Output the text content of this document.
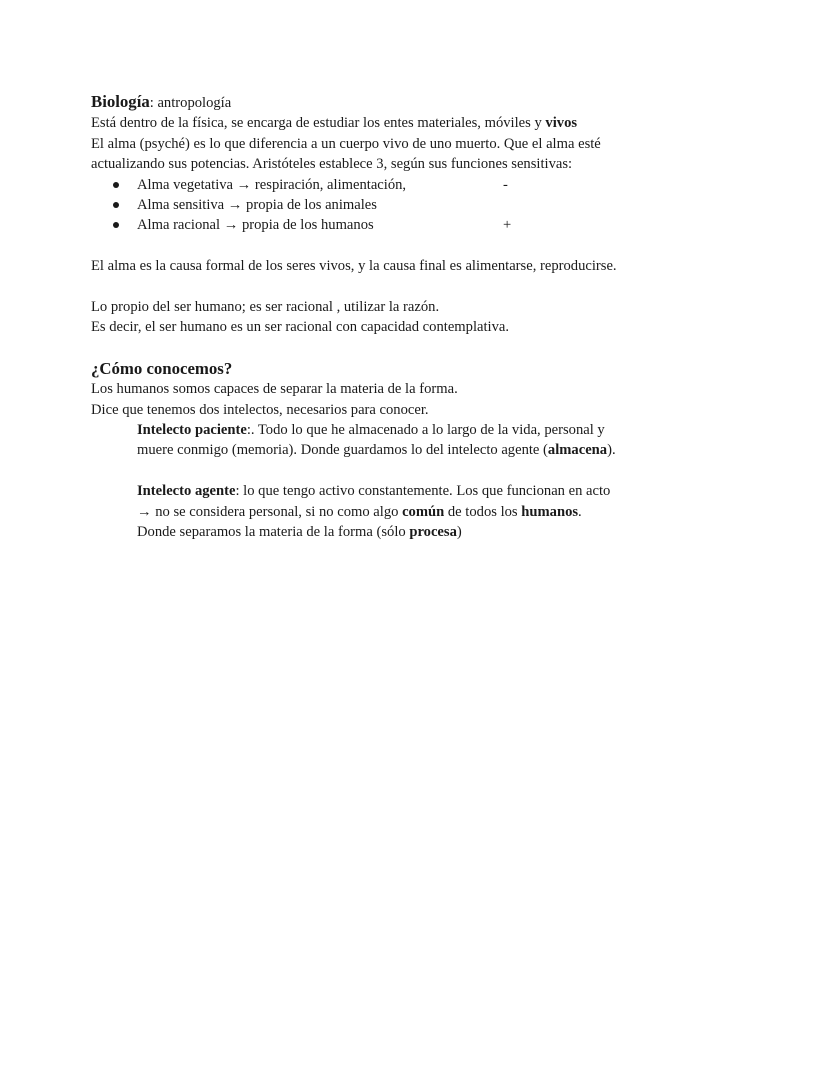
Biología: antropología
Está dentro de la física, se encarga de estudiar los entes materiales, móviles y vivos
El alma (psyché) es lo que diferencia a un cuerpo vivo de uno muerto. Que el alma esté
actualizando sus potencias. Aristóteles establece 3, según sus funciones sensitivas:
Alma vegetativa → respiración, alimentación,	-
Alma sensitiva → propia de los animales
Alma racional → propia de los humanos	+
El alma es la causa formal de los seres vivos, y la causa final es alimentarse, reproducirse.
Lo propio del ser humano; es ser racional , utilizar la razón.
Es decir, el ser humano es un ser racional con capacidad contemplativa.
¿Cómo conocemos?
Los humanos somos capaces de separar la materia de la forma.
Dice que tenemos dos intelectos, necesarios para conocer.
Intelecto paciente:. Todo lo que he almacenado a lo largo de la vida, personal y
muere conmigo (memoria). Donde guardamos lo del intelecto agente (almacena).
Intelecto agente: lo que tengo activo constantemente. Los que funcionan en acto
→ no se considera personal, si no como algo común de todos los humanos.
Donde separamos la materia de la forma (sólo procesa)
